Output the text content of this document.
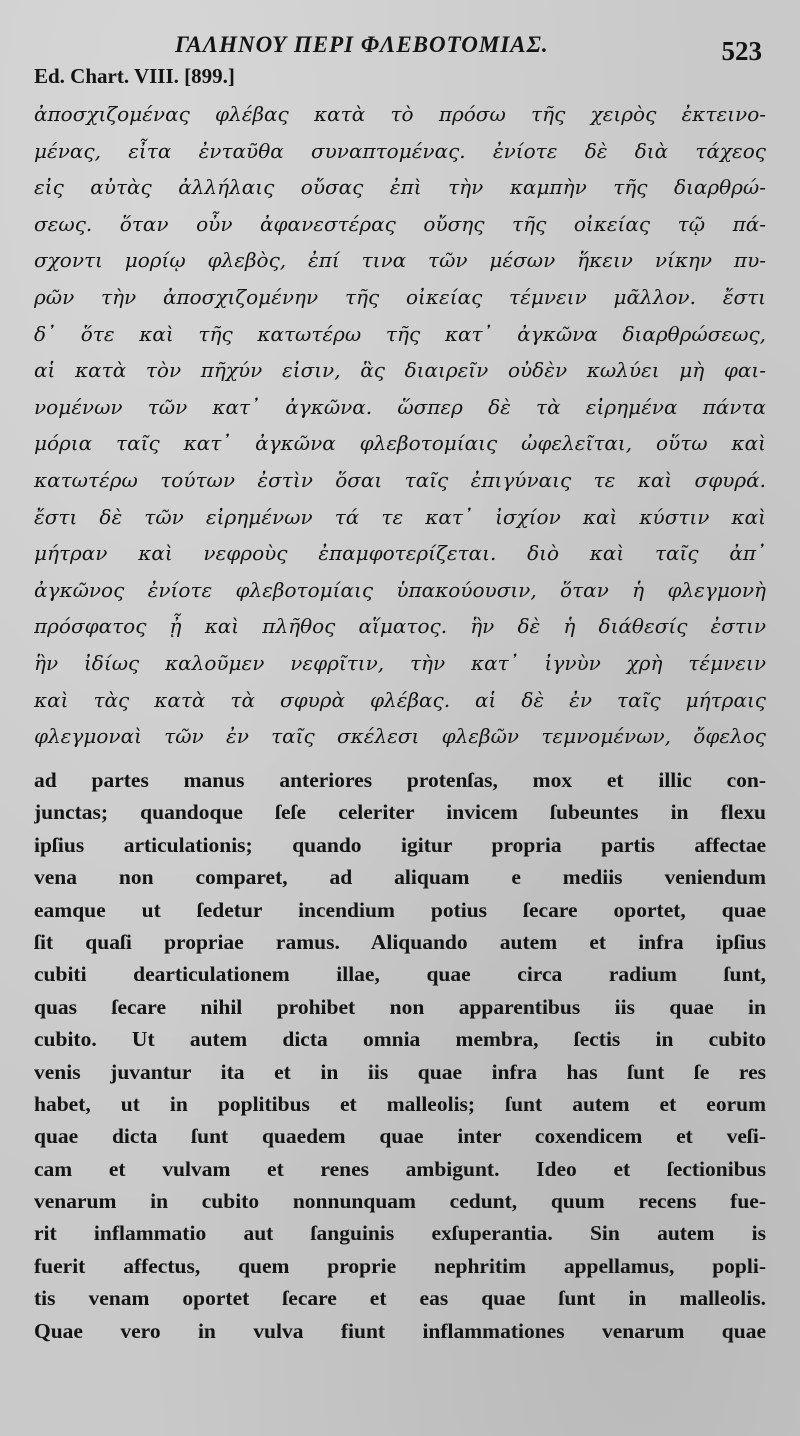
ΓΑΛΗΝΟΥ ΠΕΡΙ ΦΛΕΒΟΤΟΜΙΑΣ.	523
Ed. Chart. VIII. [899.]
ἀποσχιζομένας φλέβας κατὰ τὸ πρόσω τῆς χειρὸς ἐκτεινο-
μένας, εἶτα ἐνταῦθα συναπτομένας. ἐνίοτε δὲ διὰ τάχεος
εἰς αὐτὰς ἀλλήλαις οὔσας ἐπὶ τὴν καμπὴν τῆς διαρθρώ-
σεως. ὅταν οὖν ἀφανεστέρας οὔσης τῆς οἰκείας τῷ πά-
σχοντι μορίῳ φλεβὸς, ἐπί τινα τῶν μέσων ἥκειν νίκην πυ-
ρῶν τὴν ἀποσχιζομένην τῆς οἰκείας τέμνειν μᾶλλον. ἔστι
δ᾽ ὅτε καὶ τῆς κατωτέρω τῆς κατ᾽ ἀγκῶνα διαρθρώσεως,
αἱ κατὰ τὸν πῆχύν εἰσιν, ἃς διαιρεῖν οὐδὲν κωλύει μὴ φαι-
νομένων τῶν κατ᾽ ἀγκῶνα. ὥσπερ δὲ τὰ εἰρημένα πάντα
μόρια ταῖς κατ᾽ ἀγκῶνα φλεβοτομίαις ὠφελεῖται, οὕτω καὶ
κατωτέρω τούτων ἐστὶν ὅσαι ταῖς ἐπιγύναις τε καὶ σφυρά.
ἔστι δὲ τῶν εἰρημένων τά τε κατ᾽ ἰσχίον καὶ κύστιν καὶ
μήτραν καὶ νεφροὺς ἐπαμφοτερίζεται. διὸ καὶ ταῖς ἀπ᾽
ἀγκῶνος ἐνίοτε φλεβοτομίαις ὑπακούουσιν, ὅταν ἡ φλεγμονὴ
πρόσφατος ᾖ καὶ πλῆθος αἵματος. ἣν δὲ ἡ διάθεσίς ἐστιν
ἣν ἰδίως καλοῦμεν νεφρῖτιν, τὴν κατ᾽ ἰγνὺν χρὴ τέμνειν
καὶ τὰς κατὰ τὰ σφυρὰ φλέβας. αἱ δὲ ἐν ταῖς μήτραις
φλεγμοναὶ τῶν ἐν ταῖς σκέλεσι φλεβῶν τεμνομένων, ὄφελος
ad partes manus anteriores protenſas, mox et illic con-
junctas; quandoque ſeſe celeriter invicem ſubeuntes in flexu
ipſius articulationis; quando igitur propria partis affectae
vena non comparet, ad aliquam e mediis veniendum
eamque ut ſedetur incendium potius ſecare oportet, quae
ſit quaſi propriae ramus. Aliquando autem et infra ipſius
cubiti dearticulationem illae, quae circa radium ſunt,
quas ſecare nihil prohibet non apparentibus iis quae in
cubito. Ut autem dicta omnia membra, ſectis in cubito
venis juvantur ita et in iis quae infra has ſunt ſe res
habet, ut in poplitibus et malleolis; ſunt autem et eorum
quae dicta ſunt quaedem quae inter coxendicem et veſi-
cam et vulvam et renes ambigunt. Ideo et ſectionibus
venarum in cubito nonnunquam cedunt, quum recens fue-
rit inflammatio aut ſanguinis exſuperantia. Sin autem is
fuerit affectus, quem proprie nephritim appellamus, popli-
tis venam oportet ſecare et eas quae ſunt in malleolis.
Quae vero in vulva fiunt inflammationes venarum quae
